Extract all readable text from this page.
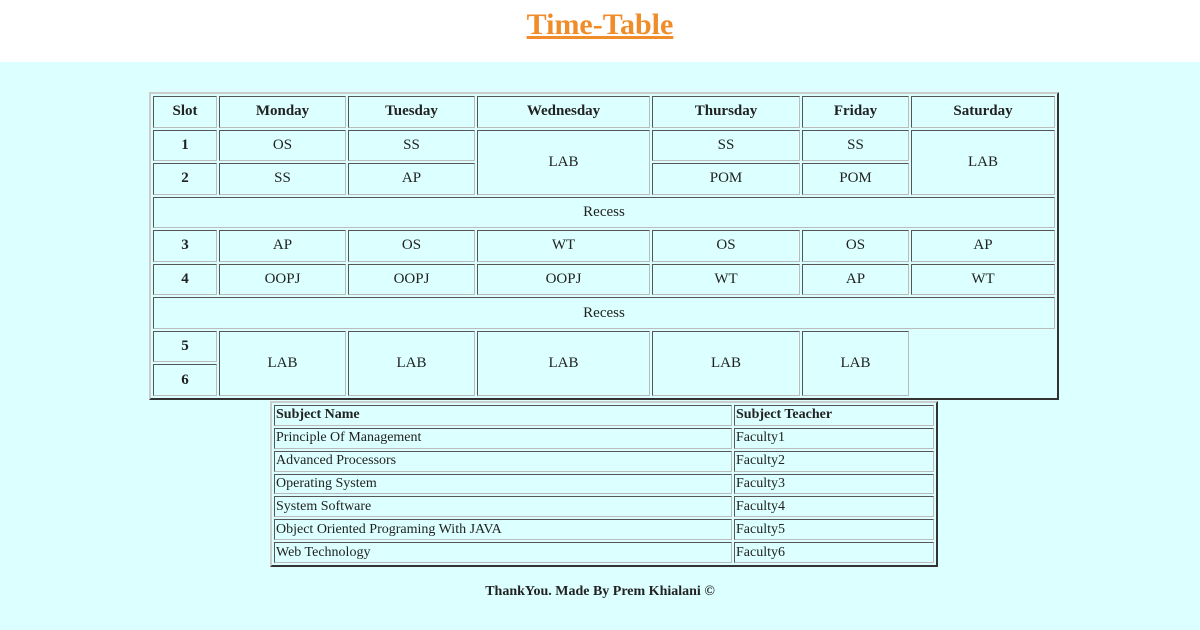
Time-Table
Slot	Monday	Tuesday	Wednesday	Thursday	Friday	Saturday
1	OS	SS	LAB	SS	SS	LAB
2	SS	AP		POM	POM	
Recess						
3	AP	OS	WT	OS	OS	AP
4	OOPJ	OOPJ	OOPJ	WT	AP	WT
Recess						
5	LAB	LAB	LAB	LAB	LAB	
6						
Subject Name	Subject Teacher
Principle Of Management	Faculty1
Advanced Processors	Faculty2
Operating System	Faculty3
System Software	Faculty4
Object Oriented Programing With JAVA	Faculty5
Web Technology	Faculty6
ThankYou. Made By Prem Khialani ©
